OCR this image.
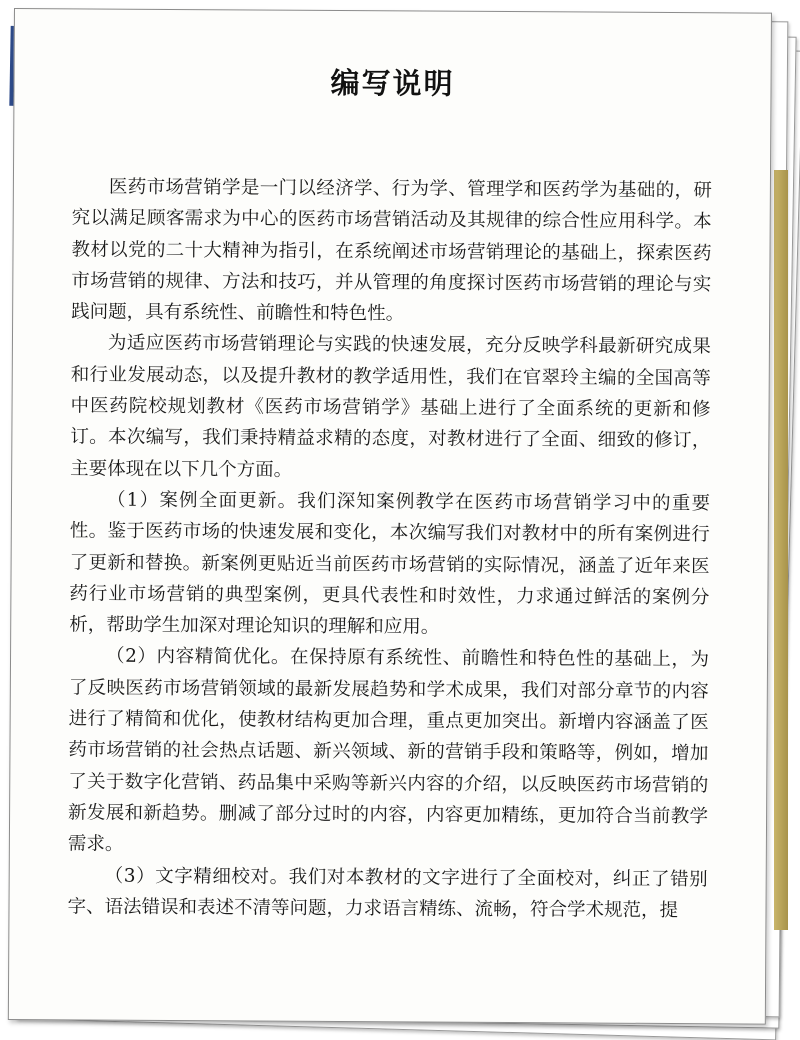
编写说明

医药市场营销学是一门以经济学、行为学、管理学和医药学为基础的，研究以满足顾客需求为中心的医药市场营销活动及其规律的综合性应用科学。本教材以党的二十大精神为指引，在系统阐述市场营销理论的基础上，探索医药市场营销的规律、方法和技巧，并从管理的角度探讨医药市场营销的理论与实践问题，具有系统性、前瞻性和特色性。

为适应医药市场营销理论与实践的快速发展，充分反映学科最新研究成果和行业发展动态，以及提升教材的教学适用性，我们在官翠玲主编的全国高等中医药院校规划教材《医药市场营销学》基础上进行了全面系统的更新和修订。本次编写，我们秉持精益求精的态度，对教材进行了全面、细致的修订，主要体现在以下几个方面。

（1）案例全面更新。我们深知案例教学在医药市场营销学习中的重要性。鉴于医药市场的快速发展和变化，本次编写我们对教材中的所有案例进行了更新和替换。新案例更贴近当前医药市场营销的实际情况，涵盖了近年来医药行业市场营销的典型案例，更具代表性和时效性，力求通过鲜活的案例分析，帮助学生加深对理论知识的理解和应用。

（2）内容精简优化。在保持原有系统性、前瞻性和特色性的基础上，为了反映医药市场营销领域的最新发展趋势和学术成果，我们对部分章节的内容进行了精简和优化，使教材结构更加合理，重点更加突出。新增内容涵盖了医药市场营销的社会热点话题、新兴领域、新的营销手段和策略等，例如，增加了关于数字化营销、药品集中采购等新兴内容的介绍，以反映医药市场营销的新发展和新趋势。删减了部分过时的内容，内容更加精练，更加符合当前教学需求。

（3）文字精细校对。我们对本教材的文字进行了全面校对，纠正了错别字、语法错误和表述不清等问题，力求语言精练、流畅，符合学术规范，提
